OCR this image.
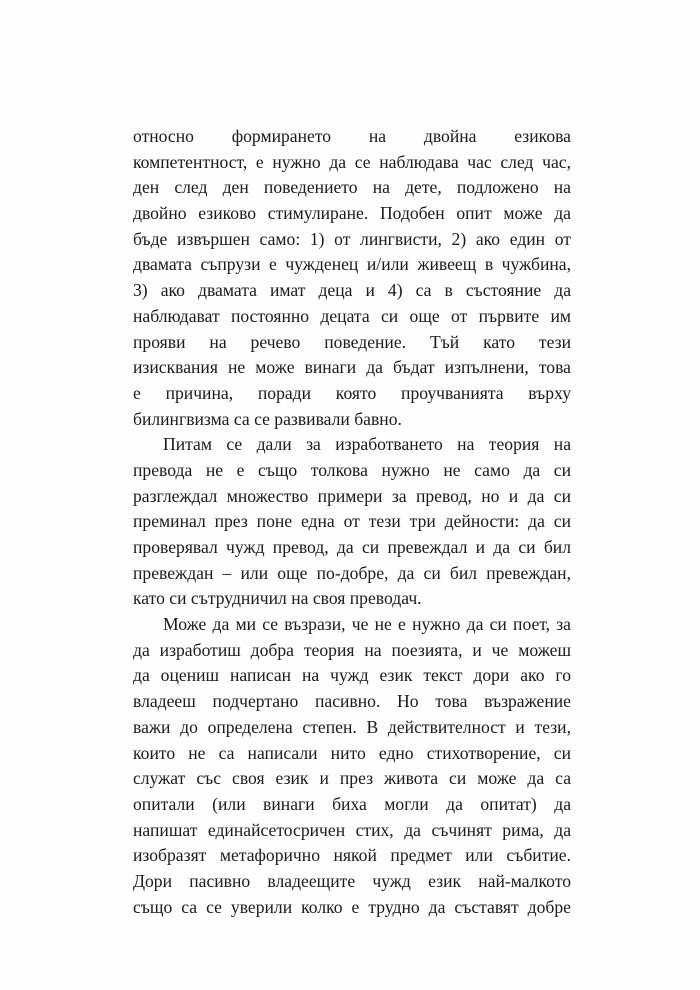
относно формирането на двойна езикова
компетентност, е нужно да се наблюдава час след час,
ден след ден поведението на дете, подложено на
двойно езиково стимулиране. Подобен опит може да
бъде извършен само: 1) от лингвисти, 2) ако един от
двамата съпрузи е чужденец и/или живеещ в чужбина,
3) ако двамата имат деца и 4) са в състояние да
наблюдават постоянно децата си още от първите им
прояви на речево поведение. Тъй като тези
изисквания не може винаги да бъдат изпълнени, това
е причина, поради която проучванията върху
билингвизма са се развивали бавно.
Питам се дали за изработването на теория на
превода не е също толкова нужно не само да си
разглеждал множество примери за превод, но и да си
преминал през поне една от тези три дейности: да си
проверявал чужд превод, да си превеждал и да си бил
превеждан – или още по-добре, да си бил превеждан,
като си сътрудничил на своя преводач.
Може да ми се възрази, че не е нужно да си поет, за
да изработиш добра теория на поезията, и че можеш
да оцениш написан на чужд език текст дори ако го
владееш подчертано пасивно. Но това възражение
важи до определена степен. В действителност и тези,
които не са написали нито едно стихотворение, си
служат със своя език и през живота си може да са
опитали (или винаги биха могли да опитат) да
напишат единайсетосричен стих, да съчинят рима, да
изобразят метафорично някой предмет или събитие.
Дори пасивно владеещите чужд език най-малкото
също са се уверили колко е трудно да съставят добре
